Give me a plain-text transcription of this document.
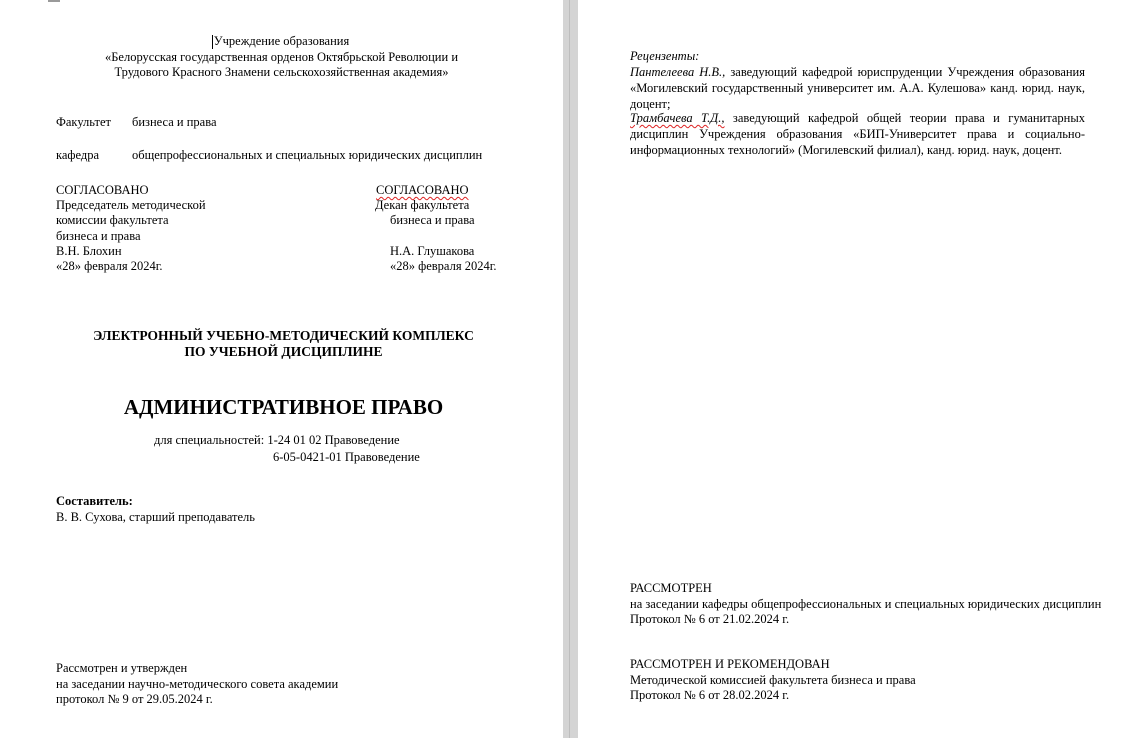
Учреждение образования
«Белорусская государственная орденов Октябрьской Революции и
Трудового Красного Знамени сельскохозяйственная академия»
Факультет бизнеса и права
кафедра	общепрофессиональных и специальных юридических дисциплин
СОГЛАСОВАНО
Председатель методической
комиссии факультета
бизнеса и права
В.Н. Блохин
«28» февраля 2024г.
СОГЛАСОВАНО
Декан факультета
бизнеса и права
Н.А. Глушакова
«28» февраля 2024г.
ЭЛЕКТРОННЫЙ УЧЕБНО-МЕТОДИЧЕСКИЙ КОМПЛЕКС
ПО УЧЕБНОЙ ДИСЦИПЛИНЕ
АДМИНИСТРАТИВНОЕ ПРАВО
для специальностей: 1-24 01 02 Правоведение
6-05-0421-01 Правоведение
Составитель:
В. В. Сухова, старший преподаватель
Рассмотрен и утвержден
на заседании научно-методического совета академии
протокол № 9 от 29.05.2024 г.
Рецензенты:
Пантелеева Н.В., заведующий кафедрой юриспруденции Учреждения образования «Могилевский государственный университет им. А.А. Кулешова» канд. юрид. наук, доцент;
Трамбачева Т.Д., заведующий кафедрой общей теории права и гуманитарных дисциплин Учреждения образования «БИП-Университет права и социально-информационных технологий» (Могилевский филиал), канд. юрид. наук, доцент.
РАССМОТРЕН
на заседании кафедры общепрофессиональных и специальных юридических дисциплин
Протокол № 6 от 21.02.2024 г.
РАССМОТРЕН И РЕКОМЕНДОВАН
Методической комиссией факультета бизнеса и права
Протокол № 6 от 28.02.2024 г.
